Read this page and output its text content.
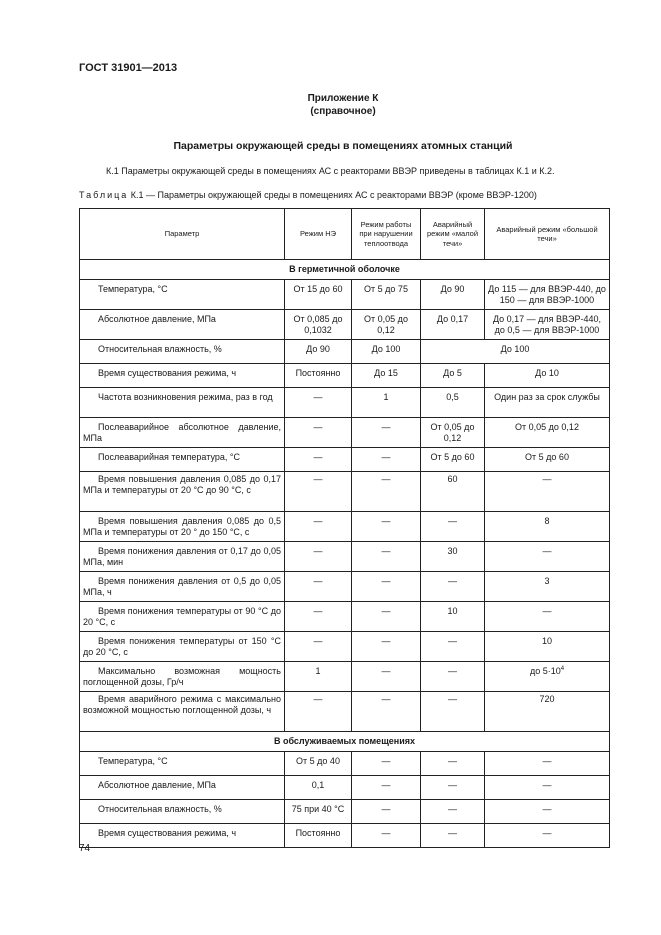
ГОСТ 31901—2013
Приложение К
(справочное)
Параметры окружающей среды в помещениях атомных станций
К.1 Параметры окружающей среды в помещениях АС с реакторами ВВЭР приведены в таблицах К.1 и К.2.
Таблица К.1 — Параметры окружающей среды в помещениях АС с реакторами ВВЭР (кроме ВВЭР-1200)
Параметр	Режим НЭ	Режим работы при нарушении теплоотвода	Аварийный режим «малой течи»	Аварийный режим «большой течи»
В герметичной оболочке				
Температура, °С	От 15 до 60	От 5 до 75	До 90	До 115 — для ВВЭР-440, до 150 — для ВВЭР-1000
Абсолютное давление, МПа	От 0,085 до 0,1032	От 0,05 до 0,12	До 0,17	До 0,17 — для ВВЭР-440, до 0,5 — для ВВЭР-1000
Относительная влажность, %	До 90	До 100	До 100	
Время существования режима, ч	Постоянно	До 15	До 5	До 10
Частота возникновения режима, раз в год	—	1	0,5	Один раз за срок службы
Послеаварийное абсолютное давление, МПа	—	—	От 0,05 до 0,12	От 0,05 до 0,12
Послеаварийная температура, °С	—	—	От 5 до 60	От 5 до 60
Время повышения давления 0,085 до 0,17 МПа и температуры от 20 °С до 90 °С, с	—	—	60	—
Время повышения давления 0,085 до 0,5 МПа и температуры от 20 ° до 150 °С, с	—	—	—	8
Время понижения давления от 0,17 до 0,05 МПа, мин	—	—	30	—
Время понижения давления от 0,5 до 0,05 МПа, ч	—	—	—	3
Время понижения температуры от 90 °С до 20 °С, с	—	—	10	—
Время понижения температуры от 150 °С до 20 °С, с	—	—	—	10
Максимально возможная мощность поглощенной дозы, Гр/ч	1	—	—	до $5\cdot 10^4$
Время аварийного режима с максимально возможной мощностью поглощенной дозы, ч	—	—	—	720
В обслуживаемых помещениях				
Температура, °С	От 5 до 40	—	—	—
Абсолютное давление, МПа	0,1	—	—	—
Относительная влажность, %	75 при 40 °С	—	—	—
Время существования режима, ч	Постоянно	—	—	—
74
